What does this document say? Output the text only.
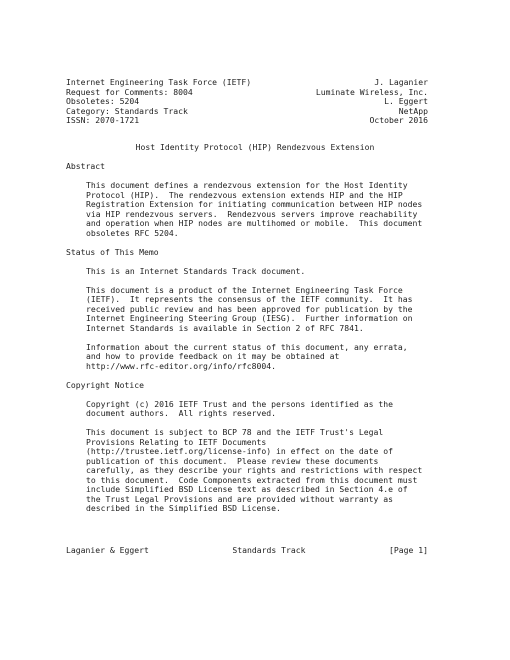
Internet Engineering Task Force (IETF)	J. Laganier
Request for Comments: 8004	Luminate Wireless, Inc.
Obsoletes: 5204	L. Eggert
Category: Standards Track	NetApp
ISSN: 2070-1721	October 2016
Host Identity Protocol (HIP) Rendezvous Extension
Abstract
This document defines a rendezvous extension for the Host Identity
Protocol (HIP).  The rendezvous extension extends HIP and the HIP
Registration Extension for initiating communication between HIP nodes
via HIP rendezvous servers.  Rendezvous servers improve reachability
and operation when HIP nodes are multihomed or mobile.  This document
obsoletes RFC 5204.
Status of This Memo
This is an Internet Standards Track document.
This document is a product of the Internet Engineering Task Force
(IETF).  It represents the consensus of the IETF community.  It has
received public review and has been approved for publication by the
Internet Engineering Steering Group (IESG).  Further information on
Internet Standards is available in Section 2 of RFC 7841.
Information about the current status of this document, any errata,
and how to provide feedback on it may be obtained at
http://www.rfc-editor.org/info/rfc8004.
Copyright Notice
Copyright (c) 2016 IETF Trust and the persons identified as the
document authors.  All rights reserved.
This document is subject to BCP 78 and the IETF Trust's Legal
Provisions Relating to IETF Documents
(http://trustee.ietf.org/license-info) in effect on the date of
publication of this document.  Please review these documents
carefully, as they describe your rights and restrictions with respect
to this document.  Code Components extracted from this document must
include Simplified BSD License text as described in Section 4.e of
the Trust Legal Provisions and are provided without warranty as
described in the Simplified BSD License.
Laganier & Eggert	Standards Track	[Page 1]
